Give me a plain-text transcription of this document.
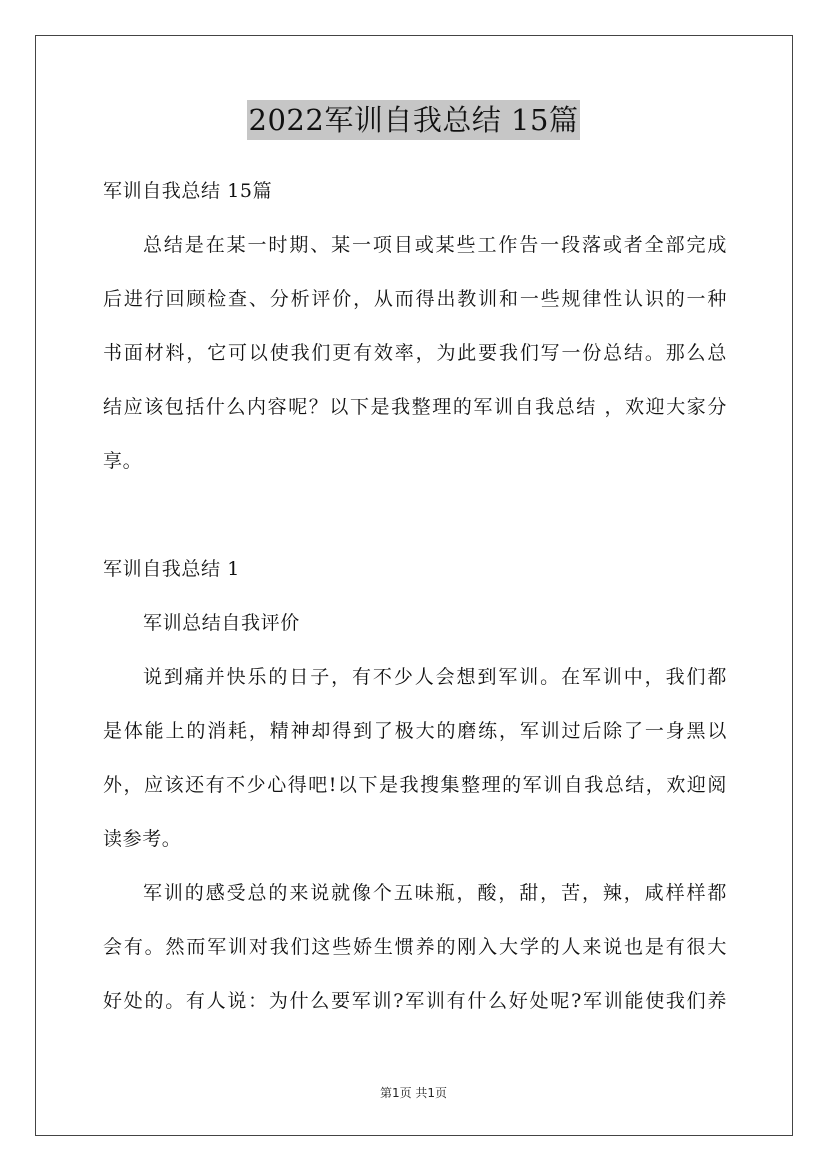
2022军训自我总结 15篇
军训自我总结 15篇
总结是在某一时期、某一项目或某些工作告一段落或者全部完成
后进行回顾检查、分析评价，从而得出教训和一些规律性认识的一种
书面材料，它可以使我们更有效率，为此要我们写一份总结。那么总
结应该包括什么内容呢？以下是我整理的军训自我总结 ，欢迎大家分
享。
军训自我总结 1
军训总结自我评价
说到痛并快乐的日子，有不少人会想到军训。在军训中，我们都
是体能上的消耗，精神却得到了极大的磨练，军训过后除了一身黑以
外，应该还有不少心得吧!以下是我搜集整理的军训自我总结，欢迎阅
读参考。
军训的感受总的来说就像个五味瓶，酸，甜，苦，辣，咸样样都
会有。然而军训对我们这些娇生惯养的刚入大学的人来说也是有很大
好处的。有人说：为什么要军训?军训有什么好处呢?军训能使我们养
第1页 共1页
